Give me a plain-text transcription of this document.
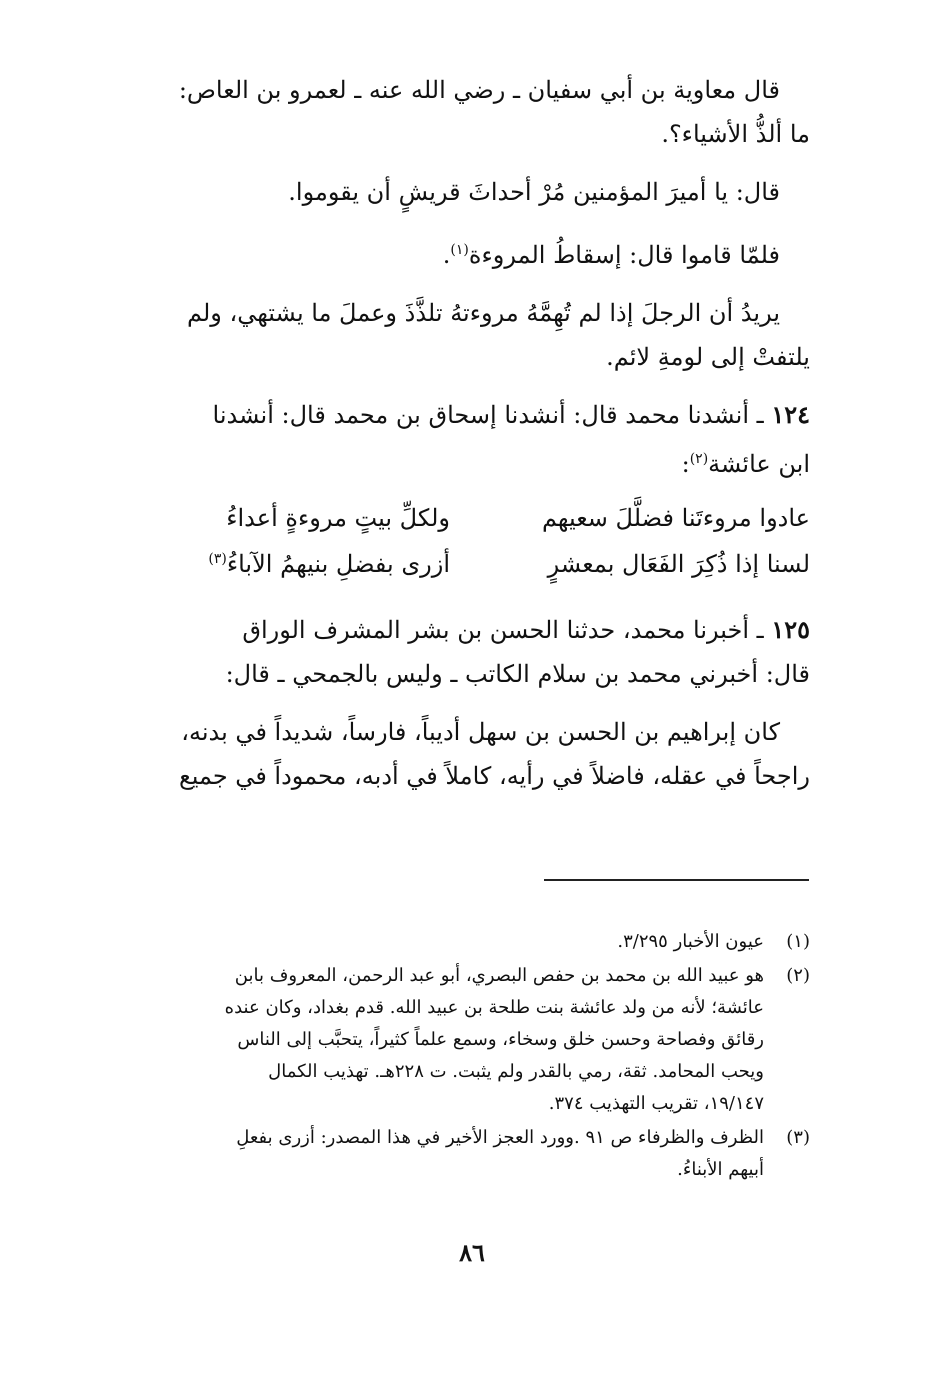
قال معاوية بن أبي سفيان ـ رضي الله عنه ـ لعمرو بن العاص:

ما ألذُّ الأشياء؟.

قال: يا أميرَ المؤمنين مُرْ أحداثَ قريشٍ أن يقوموا.

فلمّا قاموا قال: إسقاطُ المروءة$^{(١)}$.

يريدُ أن الرجلَ إذا لم تُهِمَّهُ مروءتهُ تلذَّذَ وعملَ ما يشتهي، ولم

يلتفتْ إلى لومةِ لائم.

١٢٤ ـ أنشدنا محمد قال: أنشدنا إسحاق بن محمد قال: أنشدنا

ابن عائشة$^{(٢)}$:

عادوا مروءتَنا فضلَّلَ سعيهم
ولكلِّ بيتٍ مروءةٍ أعداءُ
لسنا إذا ذُكِرَ الفَعَال بمعشرٍ
أزرى بفضلِ بنيهمُ الآباءُ$^{(٣)}$

١٢٥ ـ أخبرنا محمد، حدثنا الحسن بن بشر المشرف الوراق

قال: أخبرني محمد بن سلام الكاتب ـ وليس بالجمحي ـ قال:

كان إبراهيم بن الحسن بن سهل أديباً، فارساً، شديداً في بدنه،

راجحاً في عقله، فاضلاً في رأيه، كاملاً في أدبه، محموداً في جميع

(١)
عيون الأخبار ٣/٢٩٥.
(٢)
هو عبيد الله بن محمد بن حفص البصري، أبو عبد الرحمن، المعروف بابن
عائشة؛ لأنه من ولد عائشة بنت طلحة بن عبيد الله. قدم بغداد، وكان عنده
رقائق وفصاحة وحسن خلق وسخاء، وسمع علماً كثيراً، يتحبَّب إلى الناس
ويحب المحامد. ثقة، رمي بالقدر ولم يثبت. ت ٢٢٨هـ. تهذيب الكمال
١٩/١٤٧، تقريب التهذيب ٣٧٤.
(٣)
الظرف والظرفاء ص ٩١ .وورد العجز الأخير في هذا المصدر: أزرى بفعلِ
أبيهم الأبناءُ.
٨٦
